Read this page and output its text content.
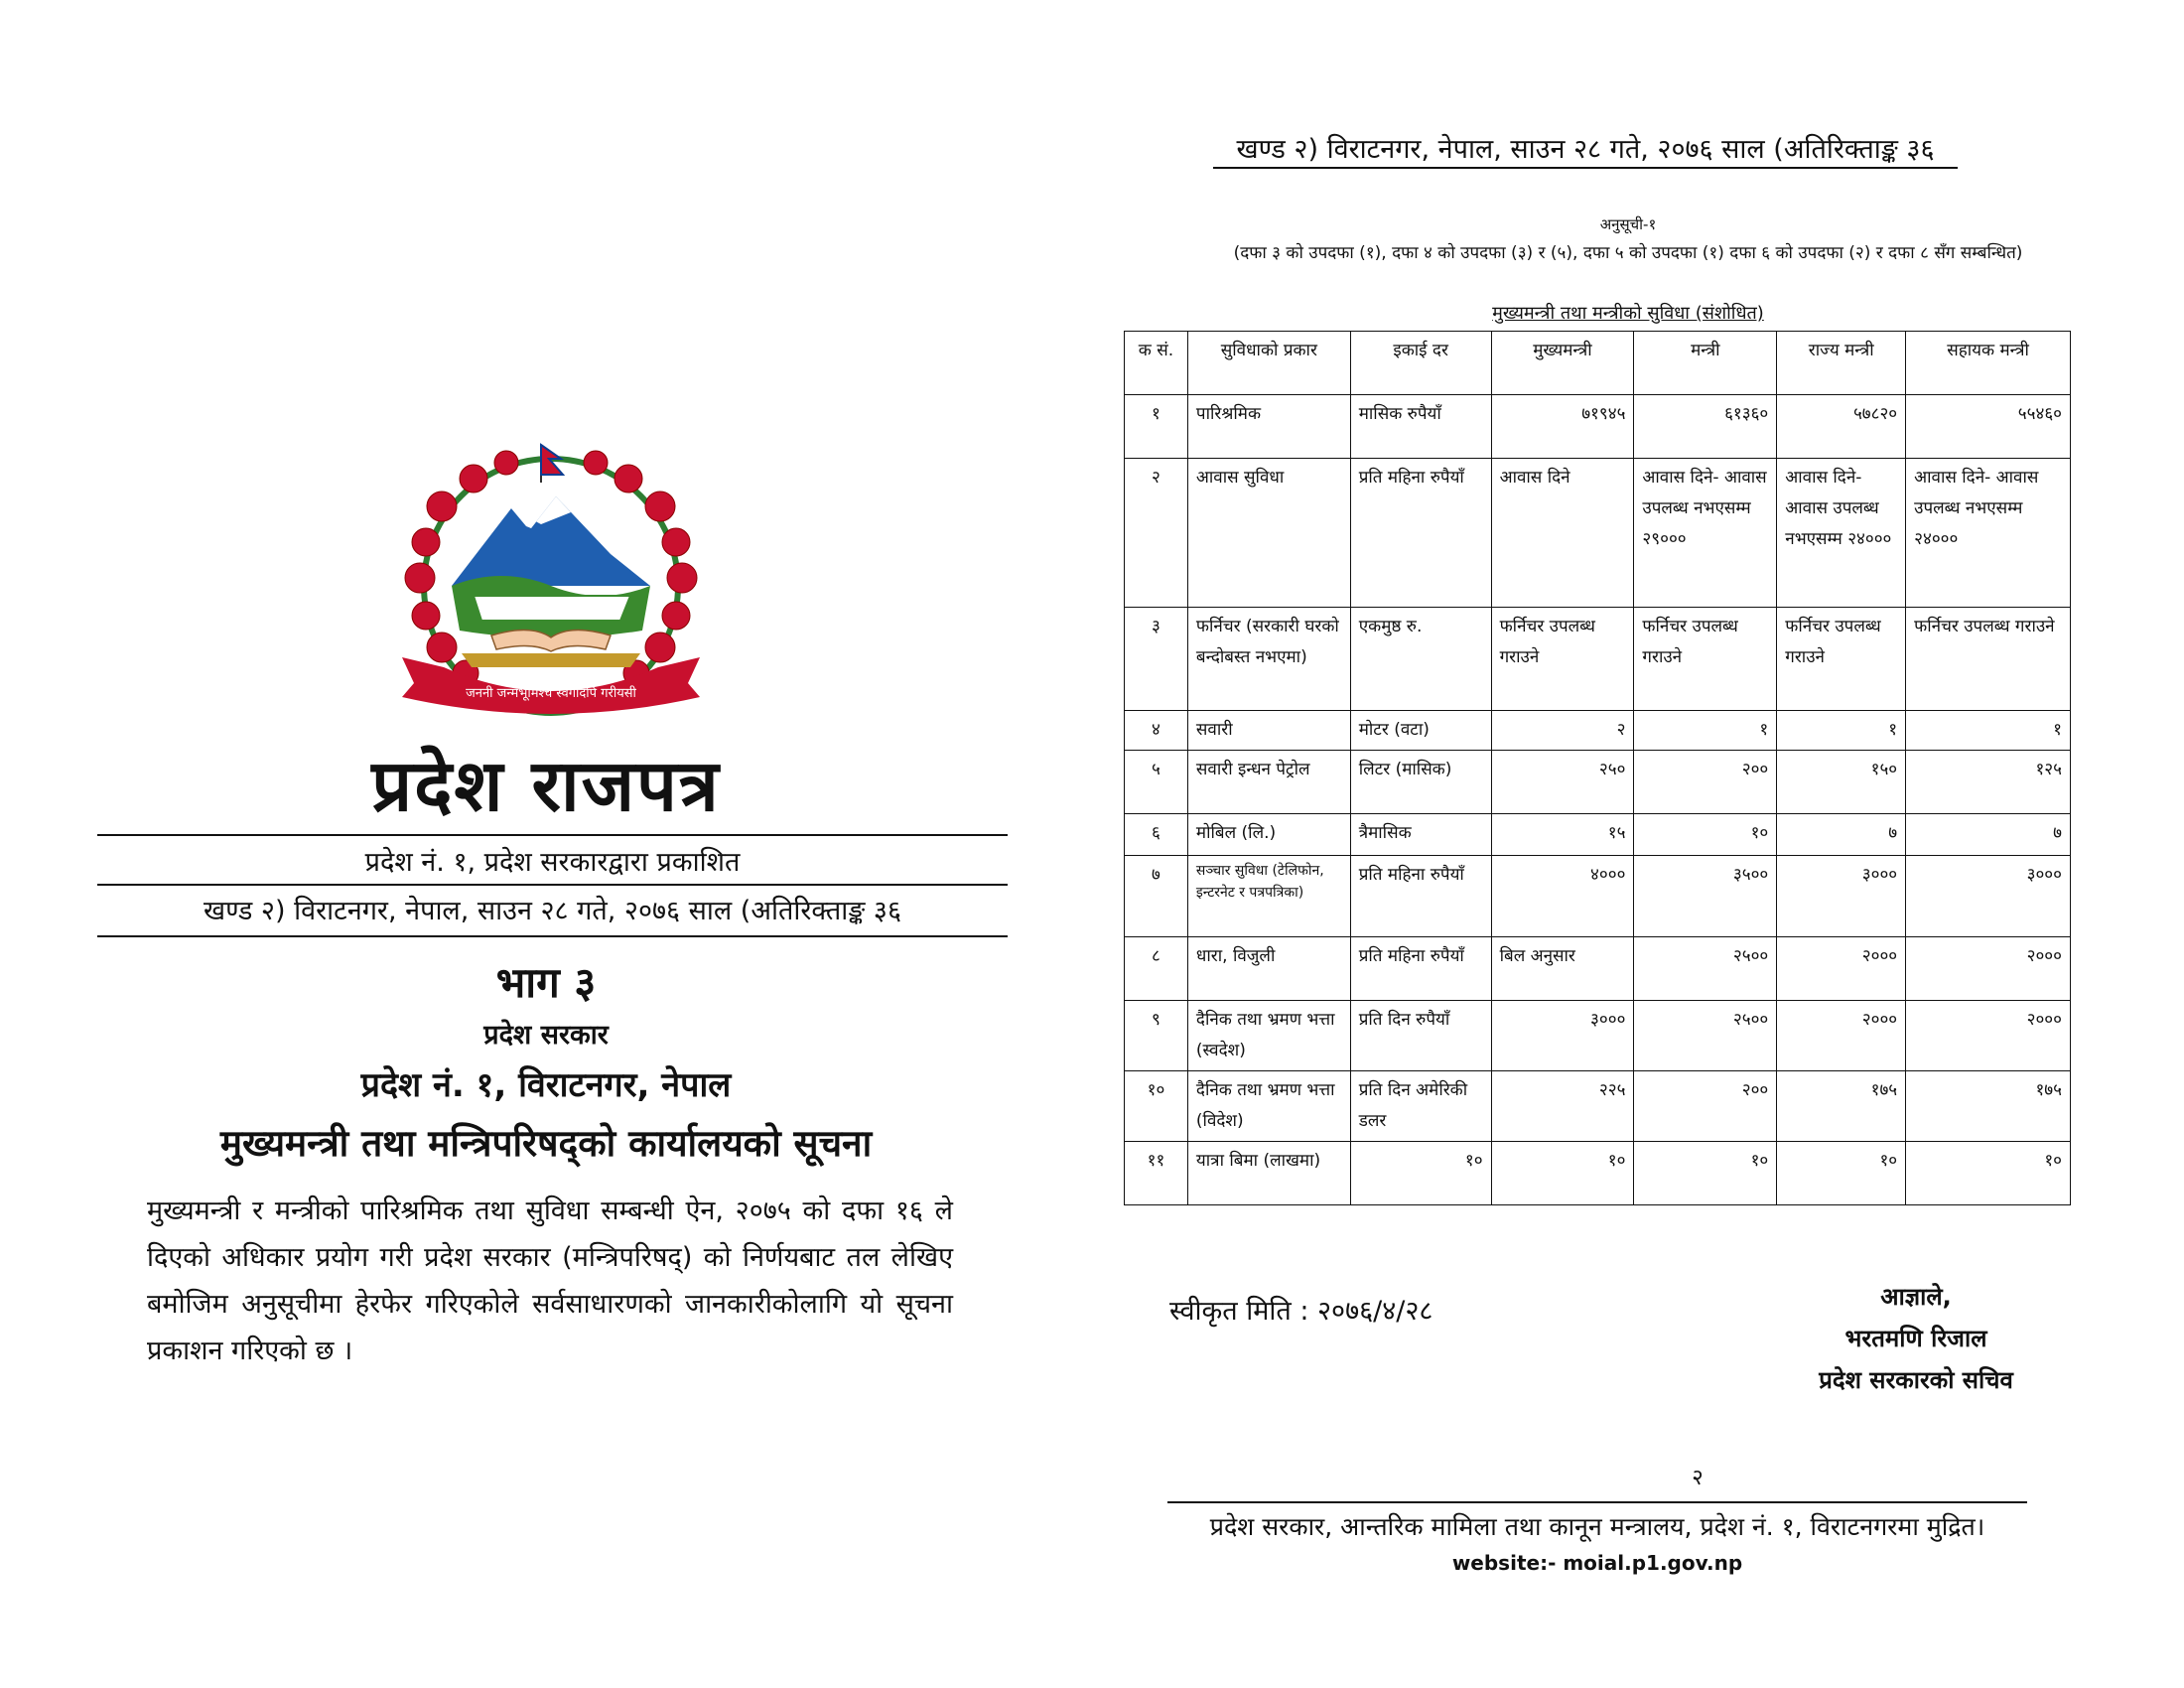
जननी जन्मभूमिश्च स्वर्गादपि गरीयसी
प्रदेश राजपत्र
प्रदेश नं. १, प्रदेश सरकारद्वारा प्रकाशित
खण्ड २) विराटनगर, नेपाल, साउन २८ गते, २०७६ साल (अतिरिक्ताङ्क ३६
भाग ३
प्रदेश सरकार
प्रदेश नं. १, विराटनगर, नेपाल
मुख्यमन्त्री तथा मन्त्रिपरिषद्को कार्यालयको सूचना
मुख्यमन्त्री र मन्त्रीको पारिश्रमिक तथा सुविधा सम्बन्धी ऐन, २०७५ को दफा १६ ले दिएको अधिकार प्रयोग गरी प्रदेश सरकार (मन्त्रिपरिषद्) को निर्णयबाट तल लेखिए बमोजिम अनुसूचीमा हेरफेर गरिएकोले सर्वसाधारणको जानकारीकोलागि यो सूचना प्रकाशन गरिएको छ ।
खण्ड २) विराटनगर, नेपाल, साउन २८ गते, २०७६ साल (अतिरिक्ताङ्क ३६
अनुसूची-१
(दफा ३ को उपदफा (१), दफा ४ को उपदफा (३) र (५), दफा ५ को उपदफा (१) दफा ६ को उपदफा (२) र दफा ८ सँग सम्बन्धित)
मुख्यमन्त्री तथा मन्त्रीको सुविधा (संशोधित)
क सं.	सुविधाको प्रकार	इकाई दर	मुख्यमन्त्री	मन्त्री	राज्य मन्त्री	सहायक मन्त्री
१	पारिश्रमिक	मासिक रुपैयाँ	७१९४५	६१३६०	५७८२०	५५४६०
२	आवास सुविधा	प्रति महिना रुपैयाँ	आवास दिने	आवास दिने- आवास उपलब्ध नभएसम्म २९०००	आवास दिने- आवास उपलब्ध नभएसम्म २४०००	आवास दिने- आवास उपलब्ध नभएसम्म २४०००
३	फर्निचर (सरकारी घरको बन्दोबस्त नभएमा)	एकमुष्ठ रु.	फर्निचर उपलब्ध गराउने	फर्निचर उपलब्ध गराउने	फर्निचर उपलब्ध गराउने	फर्निचर उपलब्ध गराउने
४	सवारी	मोटर (वटा)	२	१	१	१
५	सवारी इन्धन पेट्रोल	लिटर (मासिक)	२५०	२००	१५०	१२५
६	मोबिल (लि.)	त्रैमासिक	१५	१०	७	७
७	सञ्चार सुविधा (टेलिफोन, इन्टरनेट र पत्रपत्रिका)	प्रति महिना रुपैयाँ	४०००	३५००	३०००	३०००
८	धारा, विजुली	प्रति महिना रुपैयाँ	बिल अनुसार	२५००	२०००	२०००
९	दैनिक तथा भ्रमण भत्ता (स्वदेश)	प्रति दिन रुपैयाँ	३०००	२५००	२०००	२०००
१०	दैनिक तथा भ्रमण भत्ता (विदेश)	प्रति दिन अमेरिकी डलर	२२५	२००	१७५	१७५
११	यात्रा बिमा (लाखमा)	१०	१०	१०	१०	१०
स्वीकृत मिति : २०७६/४/२८	आज्ञाले,
भरतमणि रिजाल
प्रदेश सरकारको सचिव
२
प्रदेश सरकार, आन्तरिक मामिला तथा कानून मन्त्रालय, प्रदेश नं. १, विराटनगरमा मुद्रित।
website:- moial.p1.gov.np
